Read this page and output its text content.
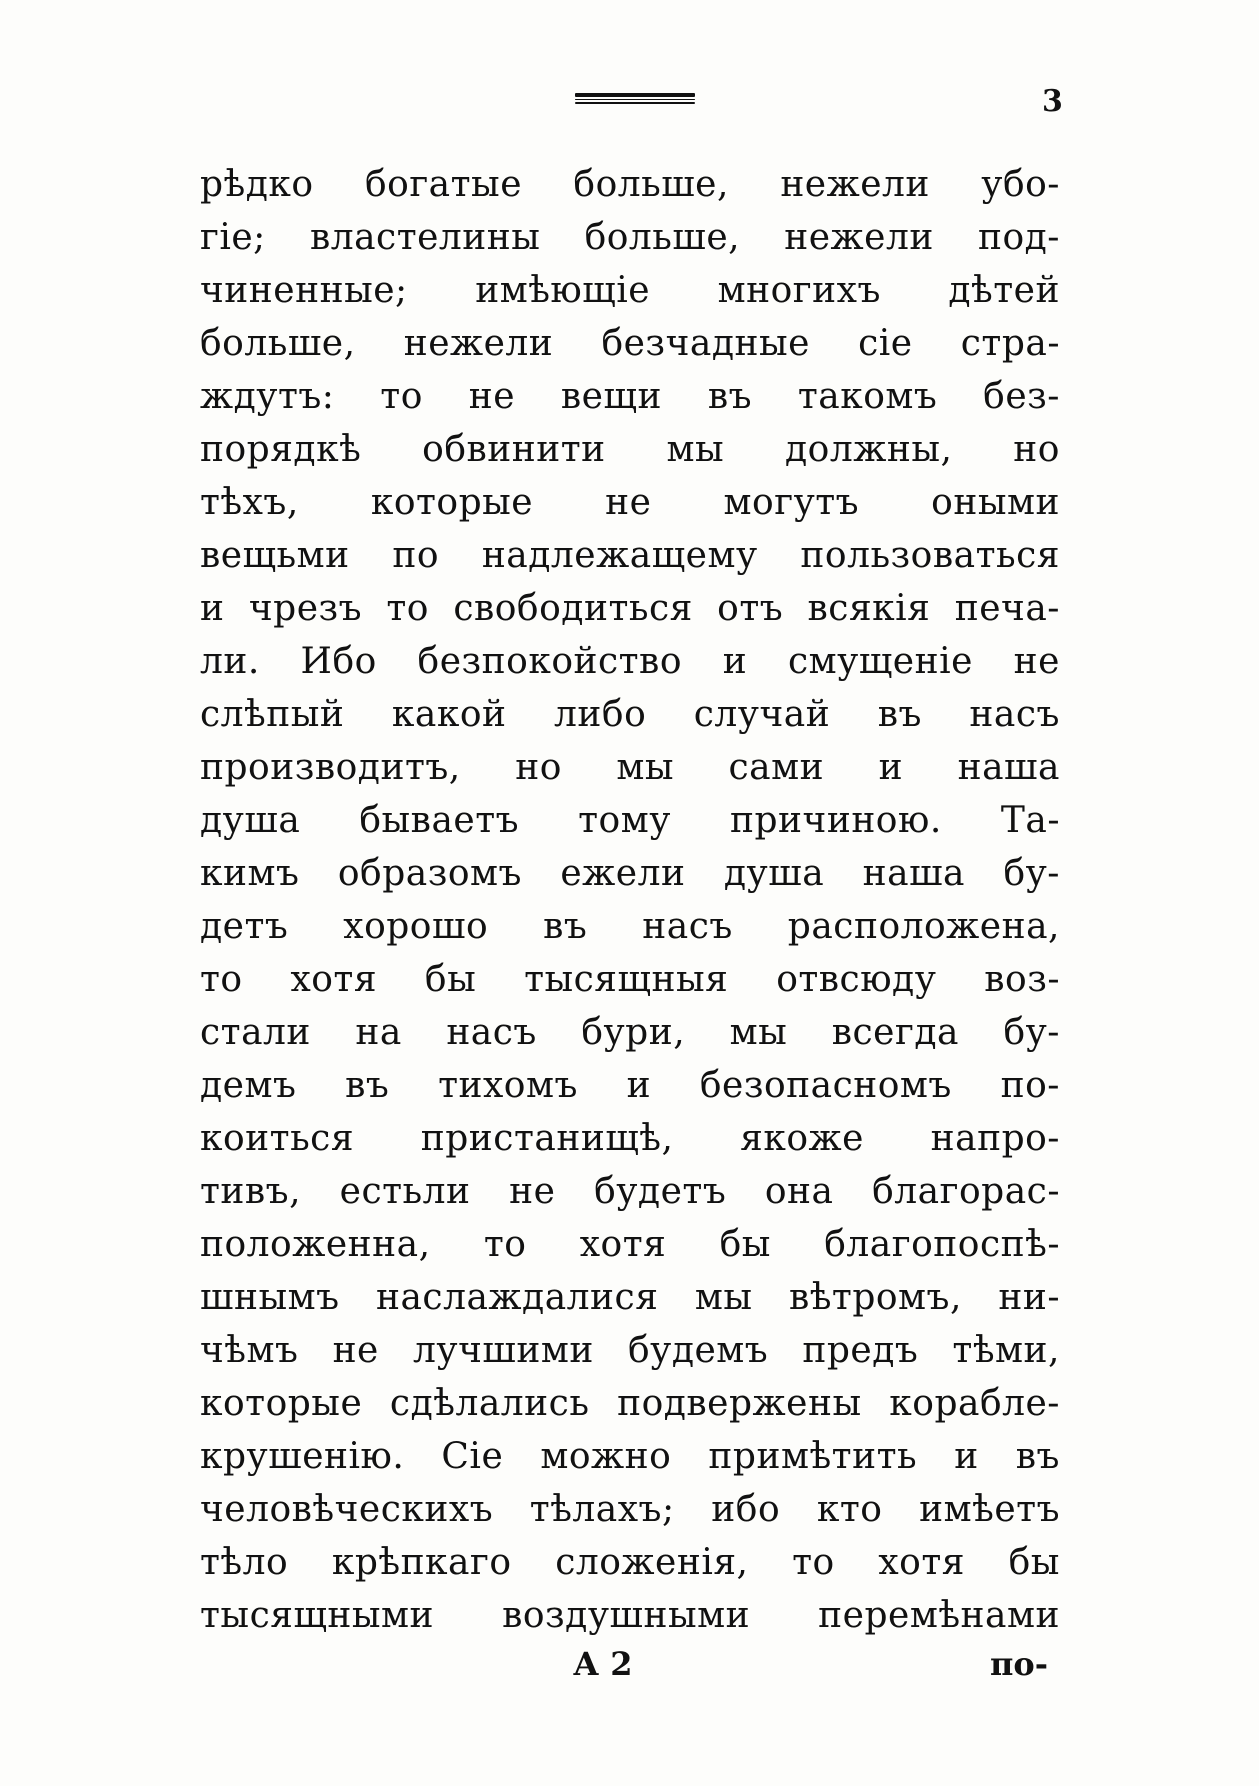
3
рѣдко богатые больше, нежели убо-
гіе; властелины больше, нежели под-
чиненные; имѣющіе многихъ дѣтей
больше, нежели безчадные сіе стра-
ждутъ: то не вещи въ такомъ без-
порядкѣ обвинити мы должны, но
тѣхъ, которые не могутъ оными
вещьми по надлежащему пользоваться
и чрезъ то свободиться отъ всякія печа-
ли. Ибо безпокойство и смущеніе не
слѣпый какой либо случай въ насъ
производитъ, но мы сами и наша
душа бываетъ тому причиною. Та-
кимъ образомъ ежели душа наша бу-
детъ хорошо въ насъ расположена,
то хотя бы тысящныя отвсюду воз-
стали на насъ бури, мы всегда бу-
демъ въ тихомъ и безопасномъ по-
коиться пристанищѣ, якоже напро-
тивъ, естьли не будетъ она благорас-
положенна, то хотя бы благопоспѣ-
шнымъ наслаждалися мы вѣтромъ, ни-
чѣмъ не лучшими будемъ предъ тѣми,
которые сдѣлались подвержены корабле-
крушенію. Сіе можно примѣтить и въ
человѣческихъ тѣлахъ; ибо кто имѣетъ
тѣло крѣпкаго сложенія, то хотя бы
тысящными воздушными перемѣнами
А 2	по-
